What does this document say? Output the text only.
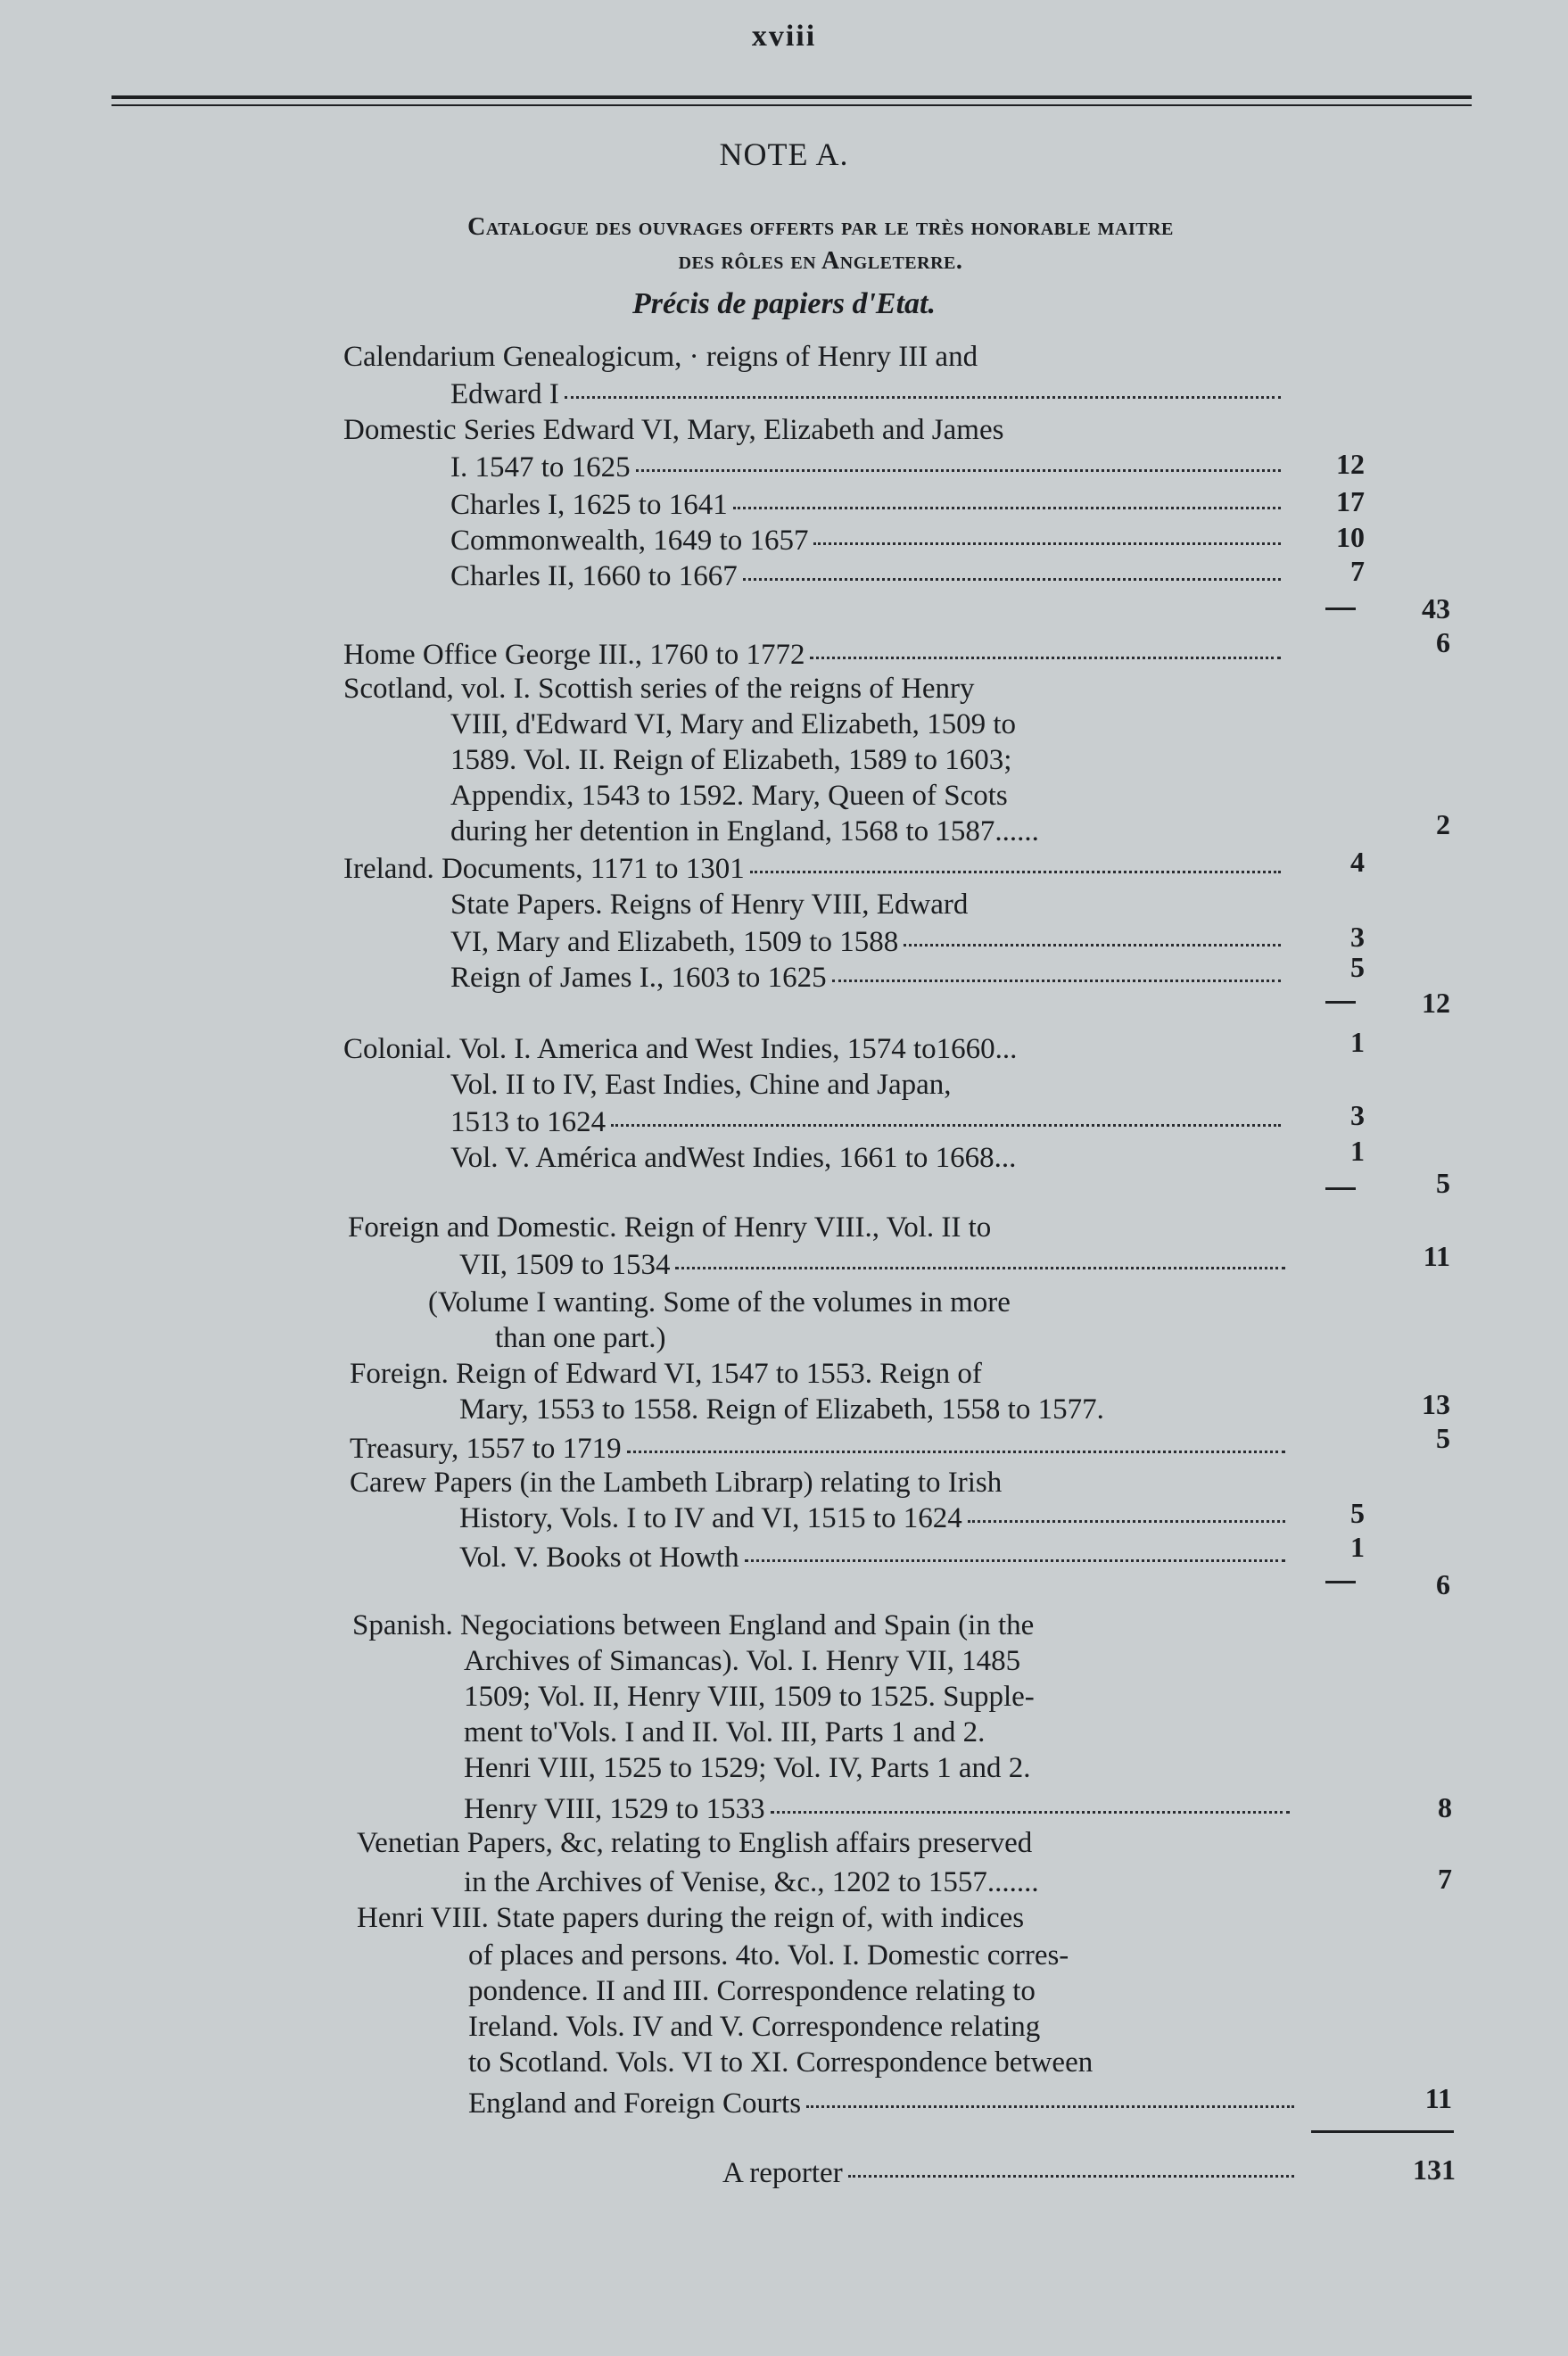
xviii
NOTE A.
Catalogue des ouvrages offerts par le très honorable maitre
des rôles en Angleterre.
Précis de papiers d'Etat.
Calendarium Genealogicum, · reigns of Henry III and
Edward I
Domestic Series Edward VI, Mary, Elizabeth and James
I. 1547 to 1625	12
Charles I, 1625 to 1641	17
Commonwealth, 1649 to 1657	10
Charles II, 1660 to 1667	7
43
Home Office George III., 1760 to 1772	6
Scotland, vol. I. Scottish series of the reigns of Henry
VIII, d'Edward VI, Mary and Elizabeth, 1509 to
1589. Vol. II. Reign of Elizabeth, 1589 to 1603;
Appendix, 1543 to 1592. Mary, Queen of Scots
during her detention in England, 1568 to 1587......	2
Ireland. Documents, 1171 to 1301	4
State Papers. Reigns of Henry VIII, Edward
VI, Mary and Elizabeth, 1509 to 1588	3
Reign of James I., 1603 to 1625	5
12
Colonial. Vol. I. America and West Indies, 1574 to1660...	1
Vol. II to IV, East Indies, Chine and Japan,
1513 to 1624	3
Vol. V. América andWest Indies, 1661 to 1668...	1
5
Foreign and Domestic. Reign of Henry VIII., Vol. II to
VII, 1509 to 1534	11
(Volume I wanting. Some of the volumes in more
than one part.)
Foreign. Reign of Edward VI, 1547 to 1553. Reign of
Mary, 1553 to 1558. Reign of Elizabeth, 1558 to 1577.	13
Treasury, 1557 to 1719	5
Carew Papers (in the Lambeth Librarp) relating to Irish
History, Vols. I to IV and VI, 1515 to 1624	5
Vol. V. Books ot Howth	1
6
Spanish. Negociations between England and Spain (in the
Archives of Simancas). Vol. I. Henry VII, 1485
1509; Vol. II, Henry VIII, 1509 to 1525. Supple-
ment to'Vols. I and II. Vol. III, Parts 1 and 2.
Henri VIII, 1525 to 1529; Vol. IV, Parts 1 and 2.
Henry VIII, 1529 to 1533	8
Venetian Papers, &c, relating to English affairs preserved
in the Archives of Venise, &c., 1202 to 1557.......	7
Henri VIII. State papers during the reign of, with indices
of places and persons. 4to. Vol. I. Domestic corres-
pondence. II and III. Correspondence relating to
Ireland. Vols. IV and V. Correspondence relating
to Scotland. Vols. VI to XI. Correspondence between
England and Foreign Courts	11
A reporter	131
